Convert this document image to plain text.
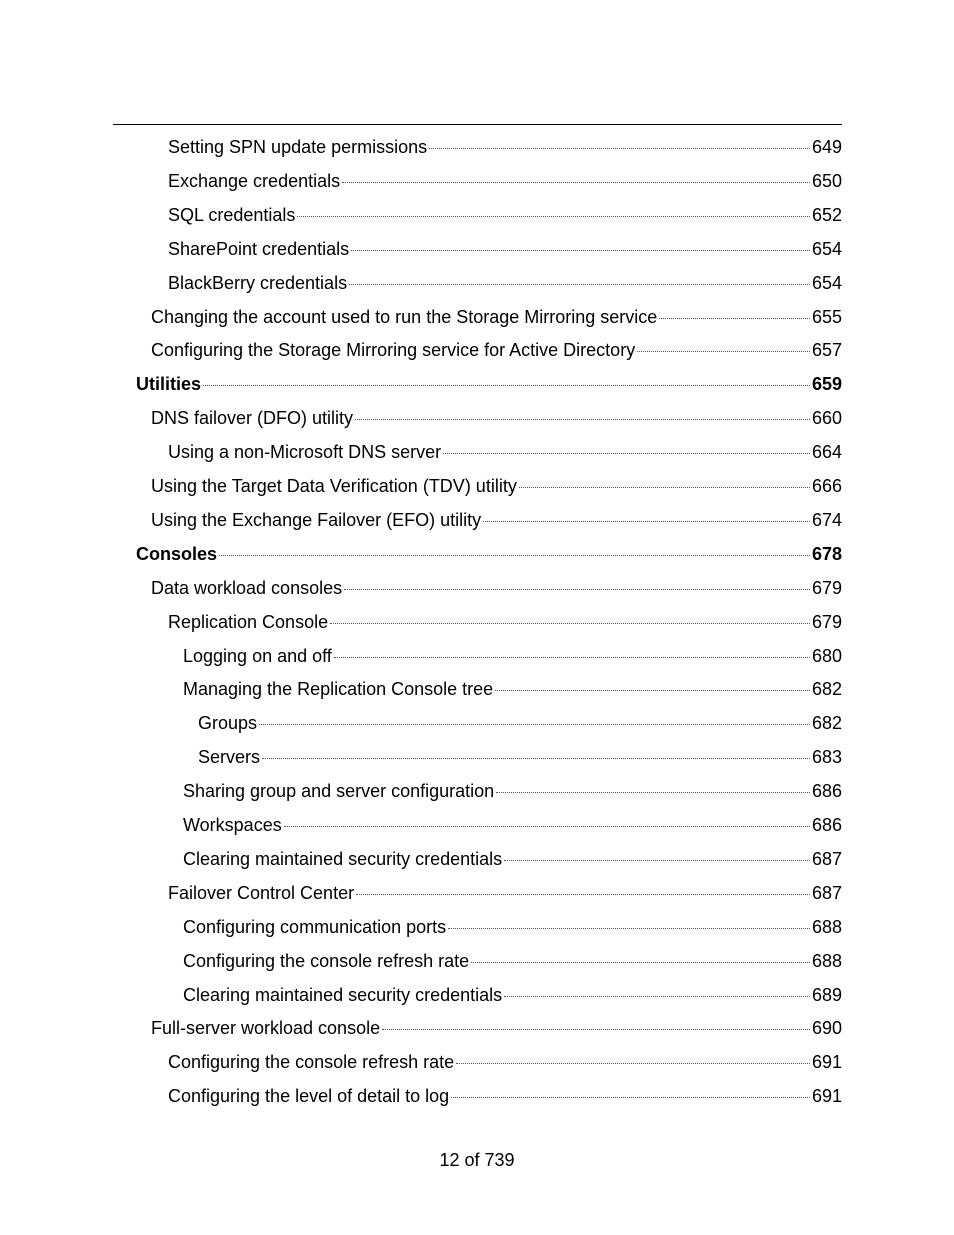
Setting SPN update permissions	649
Exchange credentials	650
SQL credentials	652
SharePoint credentials	654
BlackBerry credentials	654
Changing the account used to run the Storage Mirroring service	655
Configuring the Storage Mirroring service for Active Directory	657
Utilities	659
DNS failover (DFO) utility	660
Using a non-Microsoft DNS server	664
Using the Target Data Verification (TDV) utility	666
Using the Exchange Failover (EFO) utility	674
Consoles	678
Data workload consoles	679
Replication Console	679
Logging on and off	680
Managing the Replication Console tree	682
Groups	682
Servers	683
Sharing group and server configuration	686
Workspaces	686
Clearing maintained security credentials	687
Failover Control Center	687
Configuring communication ports	688
Configuring the console refresh rate	688
Clearing maintained security credentials	689
Full-server workload console	690
Configuring the console refresh rate	691
Configuring the level of detail to log	691
12 of 739
